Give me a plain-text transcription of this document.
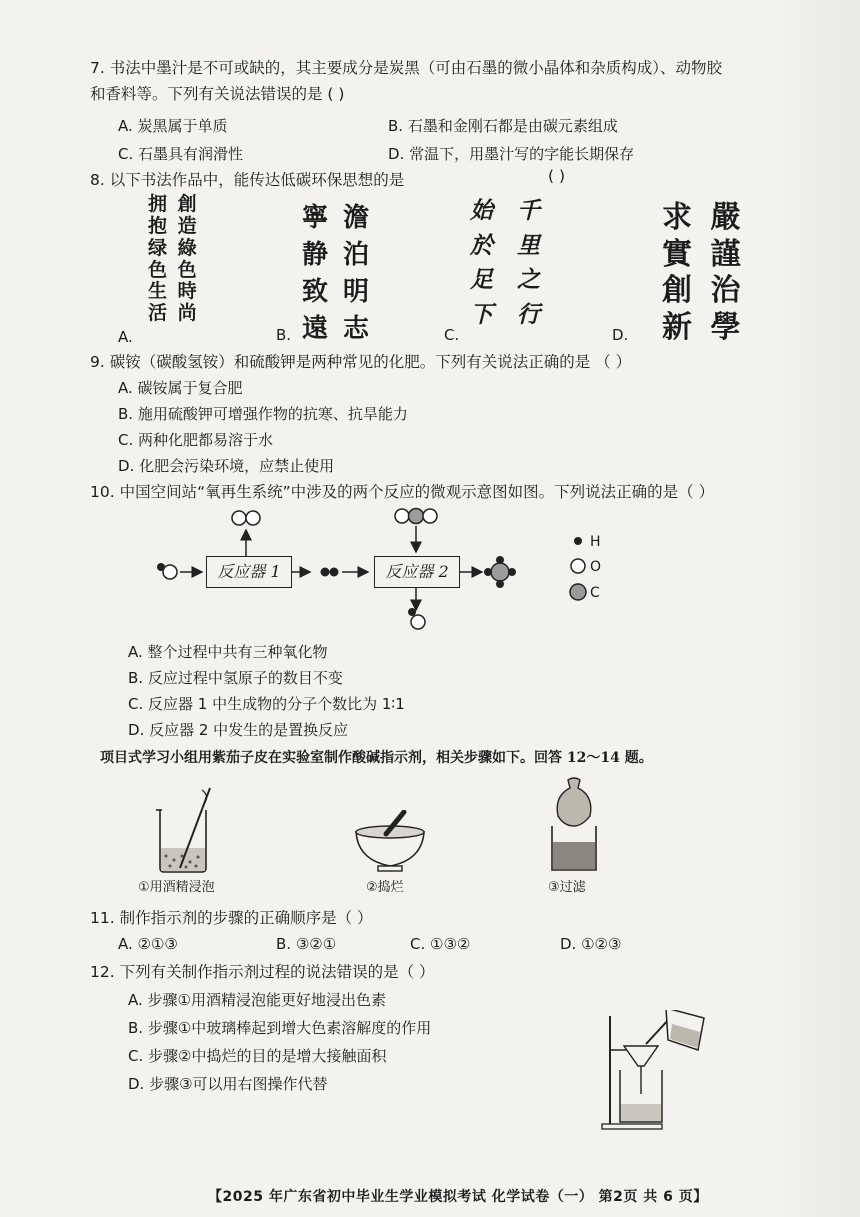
7. 书法中墨汁是不可或缺的，其主要成分是炭黑（可由石墨的微小晶体和杂质构成）、动物胶
和香料等。下列有关说法错误的是 ( )
A. 炭黑属于单质	B. 石墨和金刚石都是由碳元素组成
C. 石墨具有润滑性	D. 常温下，用墨汁写的字能长期保存
8. 以下书法作品中，能传达低碳环保思想的是	( )
拥 創
抱 造
绿 綠
色 色
生 時
活 尚
A.
寧 澹
静 泊
致 明
遠 志
B.
始 千
於 里
足 之
下 行
C.
求 嚴
實 謹
創 治
新 學
D.
9. 碳铵（碳酸氢铵）和硫酸钾是两种常见的化肥。下列有关说法正确的是 （ ）
A. 碳铵属于复合肥
B. 施用硫酸钾可增强作物的抗寒、抗旱能力
C. 两种化肥都易溶于水
D. 化肥会污染环境，应禁止使用
10. 中国空间站“氧再生系统”中涉及的两个反应的微观示意图如图。下列说法正确的是（ ）
反应器 1	反应器 2
H
O
C
A. 整个过程中共有三种氧化物
B. 反应过程中氢原子的数目不变
C. 反应器 1 中生成物的分子个数比为 1∶1
D. 反应器 2 中发生的是置换反应
项目式学习小组用紫茄子皮在实验室制作酸碱指示剂，相关步骤如下。回答 12～14 题。
①用酒精浸泡	②捣烂	③过滤
11. 制作指示剂的步骤的正确顺序是（ ）
A. ②①③	B. ③②①	C. ①③②	D. ①②③
12. 下列有关制作指示剂过程的说法错误的是（ ）
A. 步骤①用酒精浸泡能更好地浸出色素
B. 步骤①中玻璃棒起到增大色素溶解度的作用
C. 步骤②中捣烂的目的是增大接触面积
D. 步骤③可以用右图操作代替
【2025 年广东省初中毕业生学业模拟考试 化学试卷（一） 第2页 共 6 页】
